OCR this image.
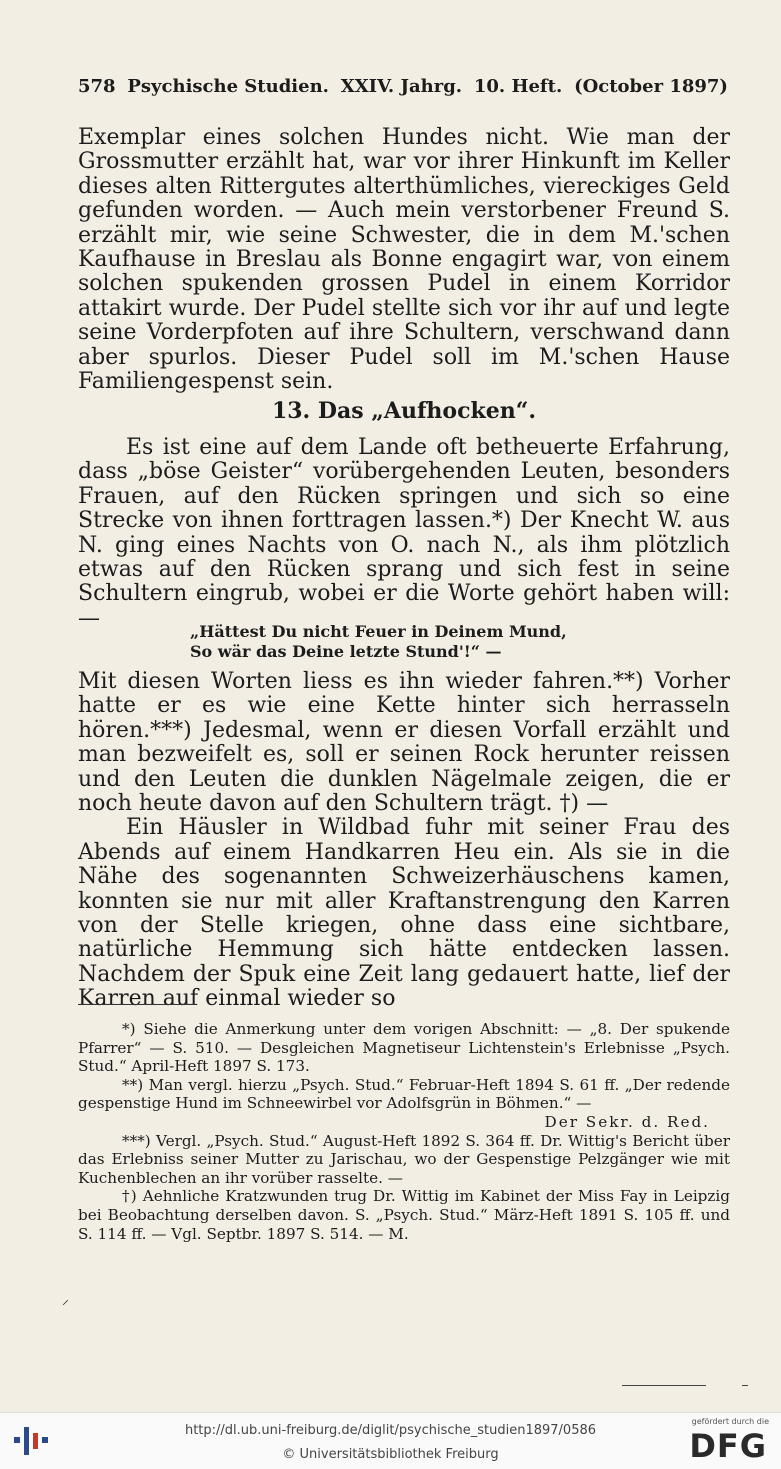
578 Psychische Studien. XXIV. Jahrg. 10. Heft. (October 1897)

Exemplar eines solchen Hundes nicht. Wie man der Grossmutter erzählt hat, war vor ihrer Hinkunft im Keller dieses alten Rittergutes alterthümliches, viereckiges Geld gefunden worden. — Auch mein verstorbener Freund S. erzählt mir, wie seine Schwester, die in dem M.'schen Kaufhause in Breslau als Bonne engagirt war, von einem solchen spukenden grossen Pudel in einem Korridor attakirt wurde. Der Pudel stellte sich vor ihr auf und legte seine Vorderpfoten auf ihre Schultern, verschwand dann aber spurlos. Dieser Pudel soll im M.'schen Hause Familiengespenst sein.

13. Das „Aufhocken“.

Es ist eine auf dem Lande oft betheuerte Erfahrung, dass „böse Geister“ vorübergehenden Leuten, besonders Frauen, auf den Rücken springen und sich so eine Strecke von ihnen forttragen lassen.*) Der Knecht W. aus N. ging eines Nachts von O. nach N., als ihm plötzlich etwas auf den Rücken sprang und sich fest in seine Schultern eingrub, wobei er die Worte gehört haben will: —

„Hättest Du nicht Feuer in Deinem Mund,
So wär das Deine letzte Stund'!“ —

Mit diesen Worten liess es ihn wieder fahren.**) Vorher hatte er es wie eine Kette hinter sich herrasseln hören.***) Jedesmal, wenn er diesen Vorfall erzählt und man bezweifelt es, soll er seinen Rock herunter reissen und den Leuten die dunklen Nägelmale zeigen, die er noch heute davon auf den Schultern trägt. †) —

Ein Häusler in Wildbad fuhr mit seiner Frau des Abends auf einem Handkarren Heu ein. Als sie in die Nähe des sogenannten Schweizerhäuschens kamen, konnten sie nur mit aller Kraftanstrengung den Karren von der Stelle kriegen, ohne dass eine sichtbare, natürliche Hemmung sich hätte entdecken lassen. Nachdem der Spuk eine Zeit lang gedauert hatte, lief der Karren auf einmal wieder so

*) Siehe die Anmerkung unter dem vorigen Abschnitt: — „8. Der spukende Pfarrer“ — S. 510. — Desgleichen Magnetiseur Lichtenstein's Erlebnisse „Psych. Stud.“ April-Heft 1897 S. 173.

**) Man vergl. hierzu „Psych. Stud.“ Februar-Heft 1894 S. 61 ff. „Der redende gespenstige Hund im Schneewirbel vor Adolfsgrün in Böhmen.“ —

Der Sekr. d. Red.

***) Vergl. „Psych. Stud.“ August-Heft 1892 S. 364 ff. Dr. Wittig's Bericht über das Erlebniss seiner Mutter zu Jarischau, wo der Gespenstige Pelzgänger wie mit Kuchenblechen an ihr vorüber rasselte. —

†) Aehnliche Kratzwunden trug Dr. Wittig im Kabinet der Miss Fay in Leipzig bei Beobachtung derselben davon. S. „Psych. Stud.“ März-Heft 1891 S. 105 ff. und S. 114 ff. — Vgl. Septbr. 1897 S. 514. — M.

⸝
http://dl.ub.uni-freiburg.de/diglit/psychische_studien1897/0586
© Universitätsbibliothek Freiburg
gefördert durch die
DFG
